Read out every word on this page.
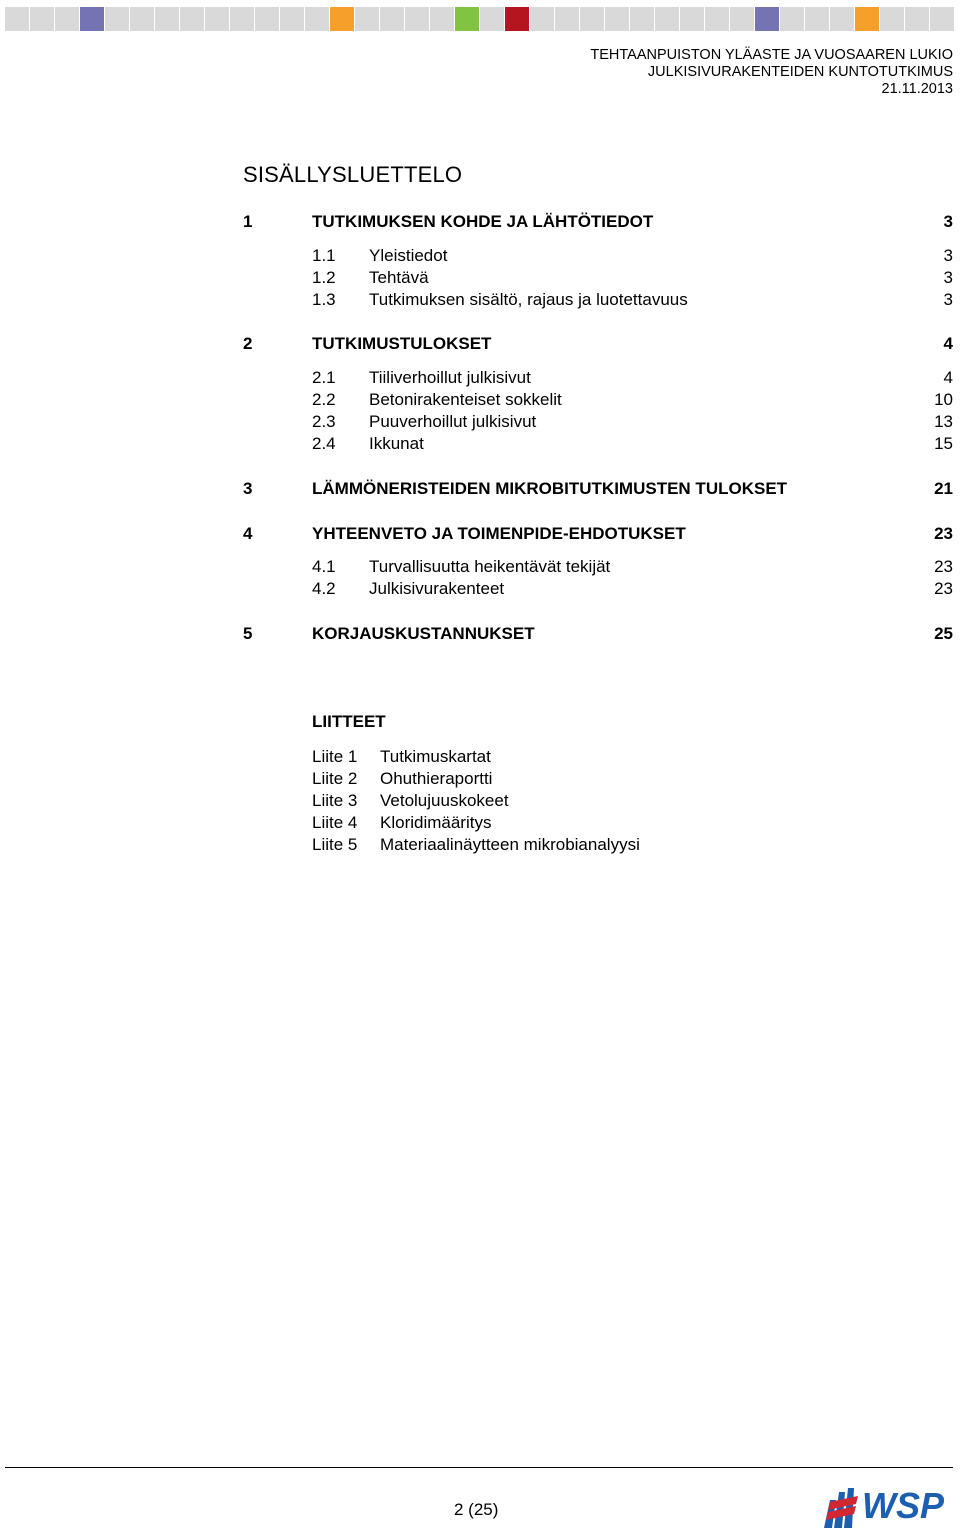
TEHTAANPUISTON YLÄASTE JA VUOSAAREN LUKIO
JULKISIVURAKENTEIDEN KUNTOTUTKIMUS
21.11.2013
SISÄLLYSLUETTELO
1	TUTKIMUKSEN KOHDE JA LÄHTÖTIEDOT	3
1.1 Yleistiedot	3
1.2 Tehtävä	3
1.3 Tutkimuksen sisältö, rajaus ja luotettavuus	3
2	TUTKIMUSTULOKSET	4
2.1 Tiiliverhoillut julkisivut	4
2.2 Betonirakenteiset sokkelit	10
2.3 Puuverhoillut julkisivut	13
2.4 Ikkunat	15
3	LÄMMÖNERISTEIDEN MIKROBITUTKIMUSTEN TULOKSET	21
4	YHTEENVETO JA TOIMENPIDE-EHDOTUKSET	23
4.1 Turvallisuutta heikentävät tekijät	23
4.2 Julkisivurakenteet	23
5	KORJAUSKUSTANNUKSET	25
LIITTEET
Liite 1 Tutkimuskartat
Liite 2 Ohuthieraportti
Liite 3 Vetolujuuskokeet
Liite 4 Kloridimääritys
Liite 5 Materiaalinäytteen mikrobianalyysi
2 (25)	WSP
